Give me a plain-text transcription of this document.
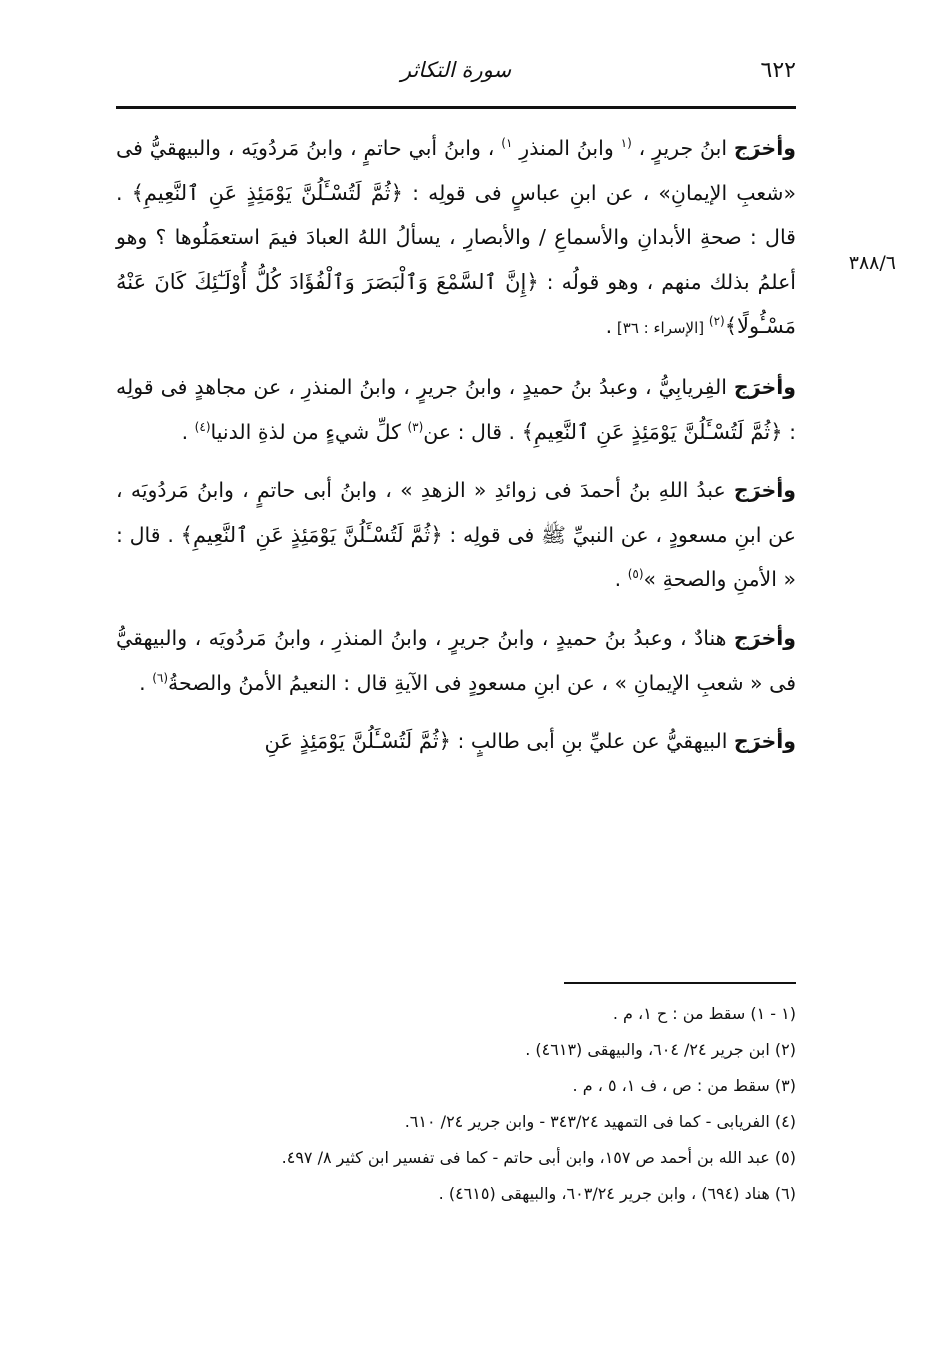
٦٢٢
سورة التكاثر
٣٨٨/٦

وأخرَج ابنُ جريرٍ ، $^{(١}$ وابنُ المنذرِ $^{١)}$ ، وابنُ أبي حاتمٍ ، وابنُ مَردُويَه ، والبيهقيُّ فى «شعبِ الإيمانِ» ، عن ابنِ عباسٍ فى قولِه : ﴿ثُمَّ لَتُسْـَٔلُنَّ يَوْمَئِذٍ عَنِ ٱلنَّعِيمِ﴾ . قال : صحةِ الأبدانِ والأسماعِ / والأبصارِ ، يسألُ اللهُ العبادَ فيمَ استعمَلُوها ؟ وهو أعلمُ بذلك منهم ، وهو قولُه : ﴿إِنَّ ٱلسَّمْعَ وَٱلْبَصَرَ وَٱلْفُؤَادَ كُلُّ أُوْلَـٰٓئِكَ كَانَ عَنْهُ مَسْـُٔولًا﴾$^{(٢)}$ [الإسراء : ٣٦] .

وأخرَج الفِريابِيُّ ، وعبدُ بنُ حميدٍ ، وابنُ جريرٍ ، وابنُ المنذرِ ، عن مجاهدٍ فى قولِه : ﴿ثُمَّ لَتُسْـَٔلُنَّ يَوْمَئِذٍ عَنِ ٱلنَّعِيمِ﴾ . قال : عن$^{(٣)}$ كلِّ شيءٍ من لذةِ الدنيا$^{(٤)}$ .

وأخرَج عبدُ اللهِ بنُ أحمدَ فى زوائدِ « الزهدِ » ، وابنُ أبى حاتمٍ ، وابنُ مَردُويَه ، عن ابنِ مسعودٍ ، عن النبيِّ ﷺ فى قولِه : ﴿ثُمَّ لَتُسْـَٔلُنَّ يَوْمَئِذٍ عَنِ ٱلنَّعِيمِ﴾ . قال : « الأمنِ والصحةِ »$^{(٥)}$ .

وأخرَج هنادٌ ، وعبدُ بنُ حميدٍ ، وابنُ جريرٍ ، وابنُ المنذرِ ، وابنُ مَردُويَه ، والبيهقيُّ فى « شعبِ الإيمانِ » ، عن ابنِ مسعودٍ فى الآيةِ قال : النعيمُ الأمنُ والصحةُ$^{(٦)}$ .

وأخرَج البيهقيُّ عن عليِّ بنِ أبى طالبٍ : ﴿ثُمَّ لَتُسْـَٔلُنَّ يَوْمَئِذٍ عَنِ

(١ - ١) سقط من : ح ١، م .
(٢) ابن جرير ٢٤/ ٦٠٤، والبيهقى (٤٦١٣) .
(٣) سقط من : ص ، ف ١، ٥ ، م .
(٤) الفريابى - كما فى التمهيد ٣٤٣/٢٤ - وابن جرير ٢٤/ ٦١٠.
(٥) عبد الله بن أحمد ص ١٥٧، وابن أبى حاتم - كما فى تفسير ابن كثير ٨/ ٤٩٧.
(٦) هناد (٦٩٤) ، وابن جرير ٦٠٣/٢٤، والبيهقى (٤٦١٥) .
